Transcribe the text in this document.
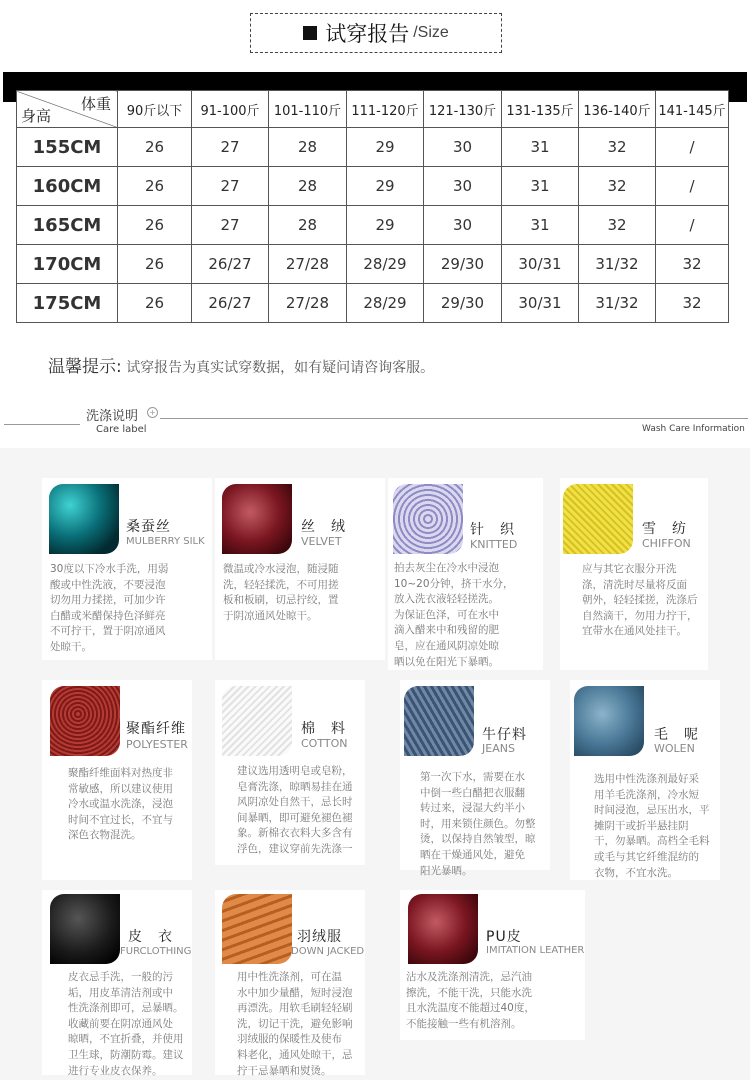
试穿报告 /Size
体重
身高	90斤以下	91-100斤	101-110斤	111-120斤	121-130斤	131-135斤	136-140斤	141-145斤
155CM	26	27	28	29	30	31	32	/
160CM	26	27	28	29	30	31	32	/
165CM	26	27	28	29	30	31	32	/
170CM	26	26/27	27/28	28/29	29/30	30/31	31/32	32
175CM	26	26/27	27/28	28/29	29/30	30/31	31/32	32
温馨提示: 试穿报告为真实试穿数据，如有疑问请咨询客服。
洗涤说明 +
Care label	Wash Care Information
桑蚕丝
MULBERRY SILK
30度以下冷水手洗，用弱
酸或中性洗液，不要浸泡
切勿用力揉搓，可加少许
白醋或米醋保持色泽鲜亮
不可拧干，置于阴凉通风
处晾干。
丝　绒
VELVET
微温或冷水浸泡，随浸随
洗，轻轻揉洗，不可用搓
板和板刷，切忌拧绞，置
于阴凉通风处晾干。
针　织
KNITTED
拍去灰尘在冷水中浸泡
10~20分钟，挤干水分，
放入洗衣液轻轻搓洗。
为保证色泽，可在水中
滴入醋来中和残留的肥
皂，应在通风阴凉处晾
晒以免在阳光下暴晒。
雪　纺
CHIFFON
应与其它衣服分开洗
涤，清洗时尽量将反面
朝外，轻轻揉搓，洗涤后
自然滴干，勿用力拧干，
宜带水在通风处挂干。
聚酯纤维
POLYESTER
聚酯纤维面料对热度非
常敏感，所以建议使用
冷水或温水洗涤，浸泡
时间不宜过长，不宜与
深色衣物混洗。
棉　料
COTTON
建议选用透明皂或皂粉，
皂膏洗涤，晾晒易挂在通
风阴凉处自然干，忌长时
间暴晒，即可避免褪色褪
象。新棉衣衣料大多含有
浮色，建议穿前先洗涤一
牛仔料
JEANS
第一次下水，需要在水
中倒一些白醋把衣服翻
转过来，浸湿大约半小
时，用来锁住颜色。勿整
烫，以保持自然皱型，晾
晒在干燥通风处，避免
阳光暴晒。
毛　呢
WOLEN
选用中性洗涤剂最好采
用羊毛洗涤剂，冷水短
时间浸泡，忌压出水，平
摊阴干或折半悬挂阴
干，勿暴晒。高档全毛料
或毛与其它纤维混纺的
衣物，不宜水洗。
皮　衣
FURCLOTHING
皮衣忌手洗，一般的污
垢，用皮革清洁剂或中
性洗涤剂即可，忌暴晒。
收藏前要在阴凉通风处
晾晒，不宜折叠，并使用
卫生球，防潮防霉。建议
进行专业皮衣保养。
羽绒服
DOWN JACKED
用中性洗涤剂，可在温
水中加少量醋，短时浸泡
再漂洗。用软毛刷轻轻刷
洗，切记干洗，避免影响
羽绒服的保暖性及使布
料老化，通风处晾干，忌
拧干忌暴晒和熨烫。
PU皮
IMITATION LEATHER
沾水及洗涤剂清洗，忌汽油
擦洗，不能干洗，只能水洗
且水洗温度不能超过40度，
不能接触一些有机溶剂。
